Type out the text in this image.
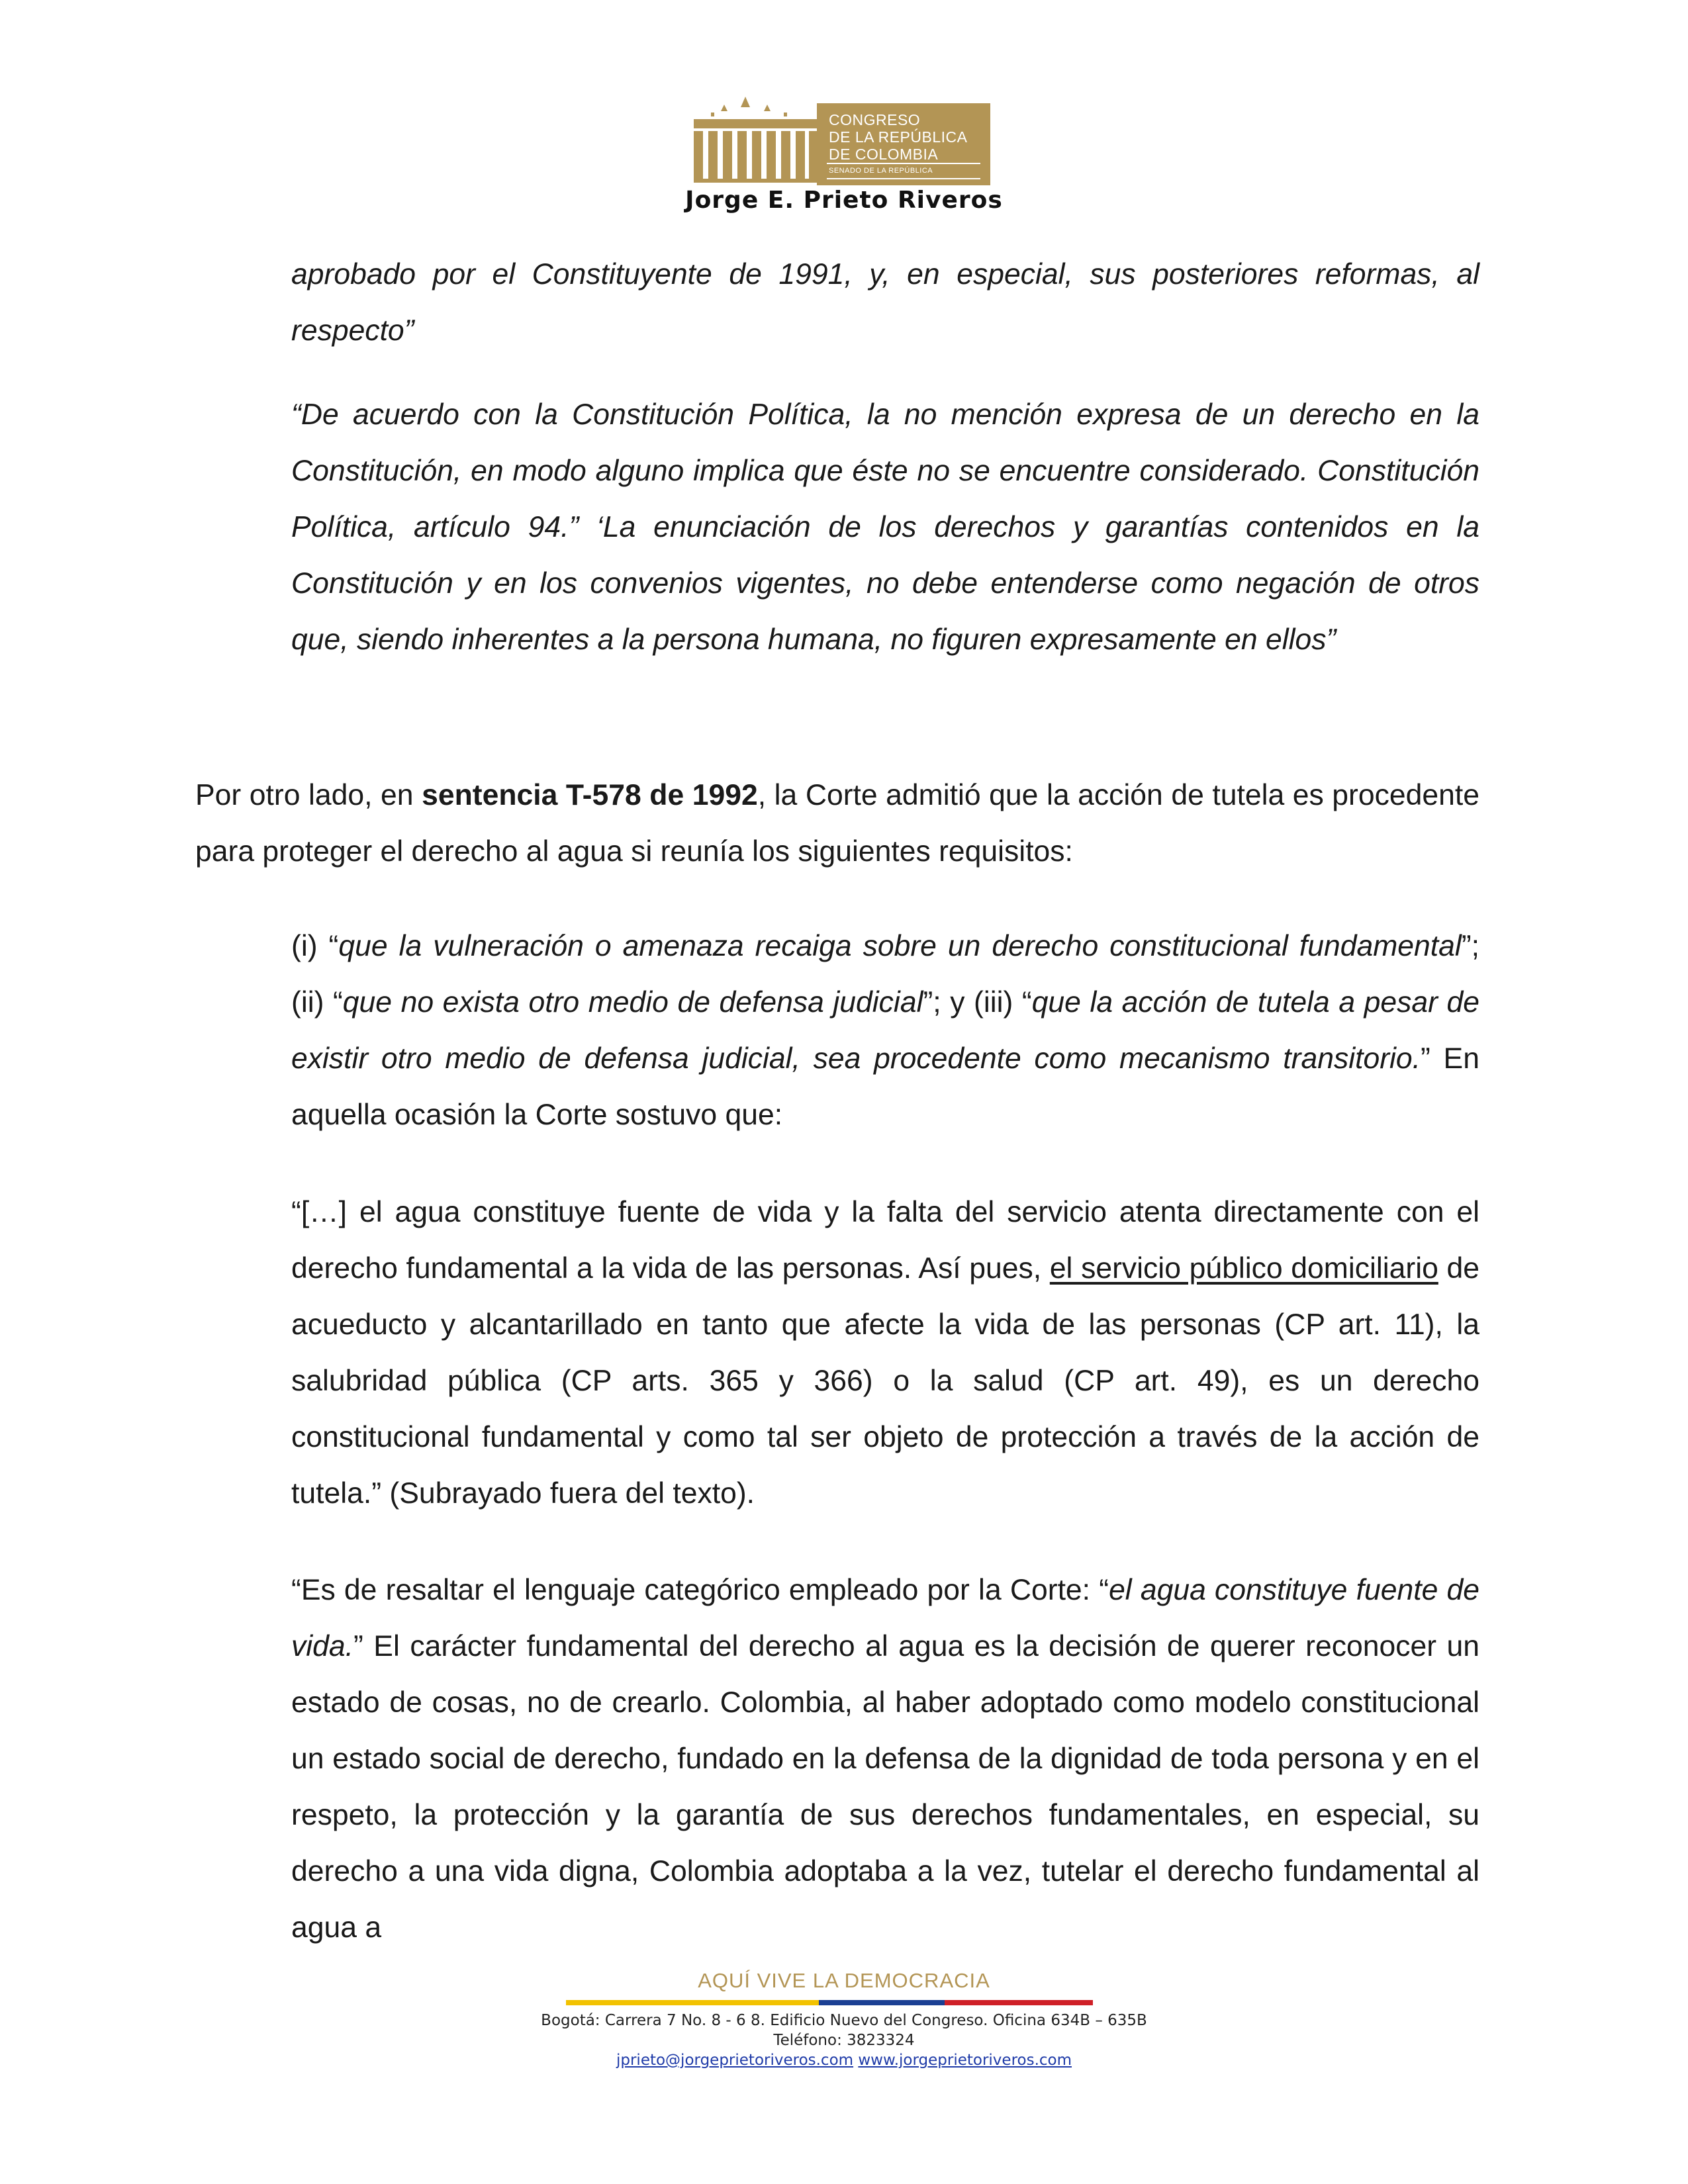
CONGRESO
DE LA REPÚBLICA
DE COLOMBIA
SENADO DE LA REPÚBLICA
Jorge E. Prieto Riveros
aprobado por el Constituyente de 1991, y, en especial, sus posteriores reformas, al respecto”
“De acuerdo con la Constitución Política, la no mención expresa de un derecho en la Constitución, en modo alguno implica que éste no se encuentre considerado. Constitución Política, artículo 94.” ‘La enunciación de los derechos y garantías contenidos en la Constitución y en los convenios vigentes, no debe entenderse como negación de otros que, siendo inherentes a la persona humana, no figuren expresamente en ellos”
Por otro lado, en sentencia T-578 de 1992, la Corte admitió que la acción de tutela es procedente para proteger el derecho al agua si reunía los siguientes requisitos:
(i) “que la vulneración o amenaza recaiga sobre un derecho constitucional fundamental”; (ii) “que no exista otro medio de defensa judicial”; y (iii) “que la acción de tutela a pesar de existir otro medio de defensa judicial, sea procedente como mecanismo transitorio.” En aquella ocasión la Corte sostuvo que:
“[…] el agua constituye fuente de vida y la falta del servicio atenta directamente con el derecho fundamental a la vida de las personas. Así pues, el servicio público domiciliario de acueducto y alcantarillado en tanto que afecte la vida de las personas (CP art. 11), la salubridad pública (CP arts. 365 y 366) o la salud (CP art. 49), es un derecho constitucional fundamental y como tal ser objeto de protección a través de la acción de tutela.” (Subrayado fuera del texto).
“Es de resaltar el lenguaje categórico empleado por la Corte: “el agua constituye fuente de vida.” El carácter fundamental del derecho al agua es la decisión de querer reconocer un estado de cosas, no de crearlo. Colombia, al haber adoptado como modelo constitucional un estado social de derecho, fundado en la defensa de la dignidad de toda persona y en el respeto, la protección y la garantía de sus derechos fundamentales, en especial, su derecho a una vida digna, Colombia adoptaba a la vez, tutelar el derecho fundamental al agua a
AQUÍ VIVE LA DEMOCRACIA
Bogotá: Carrera 7 No. 8 - 6 8. Edificio Nuevo del Congreso. Oficina 634B – 635B
Teléfono: 3823324
jprieto@jorgeprietoriveros.com www.jorgeprietoriveros.com
